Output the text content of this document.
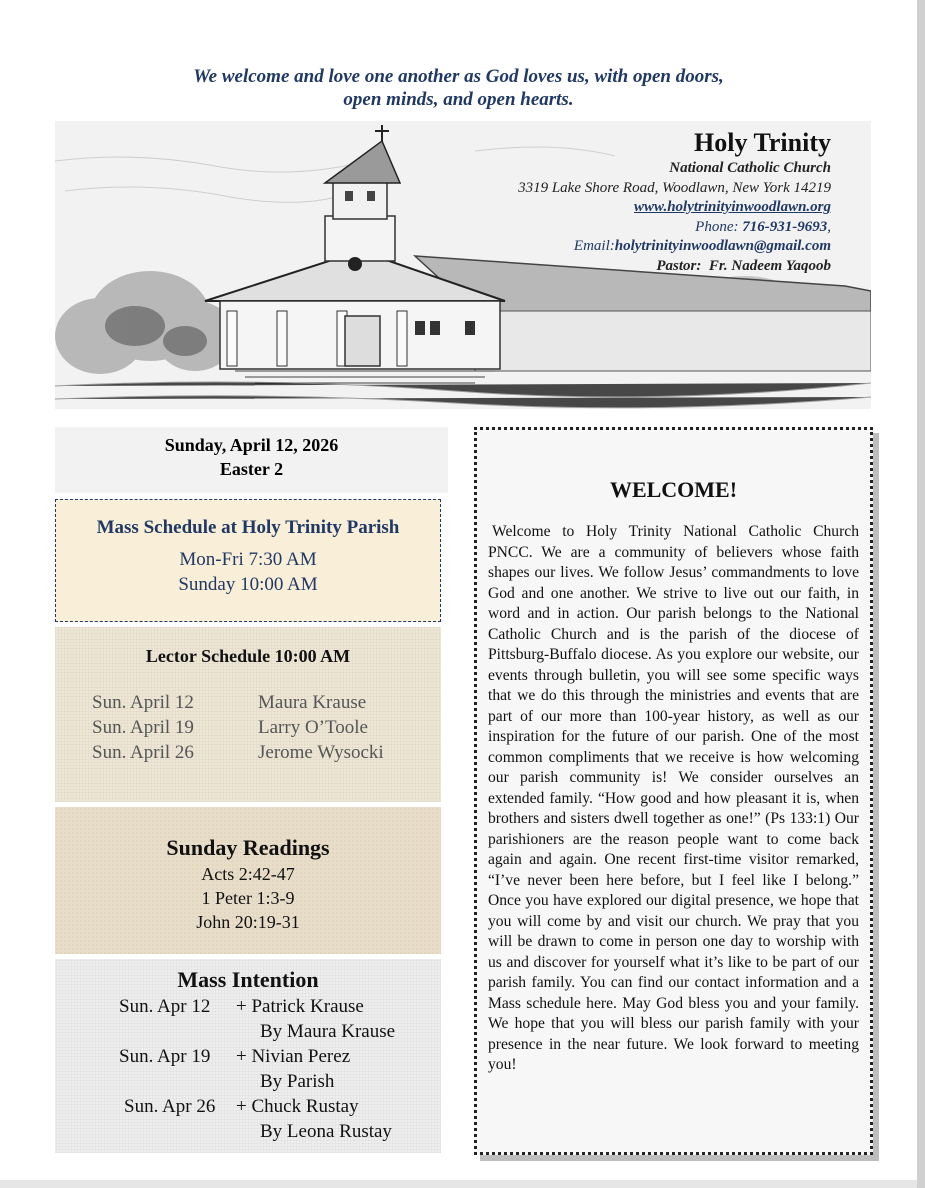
We welcome and love one another as God loves us, with open doors,
open minds, and open hearts.
Holy Trinity
National Catholic Church
3319 Lake Shore Road, Woodlawn, New York 14219
www.holytrinityinwoodlawn.org
Phone: 716-931-9693,
Email:holytrinityinwoodlawn@gmail.com
Pastor:  Fr. Nadeem Yaqoob
Sunday, April 12, 2026
Easter 2
Mass Schedule at Holy Trinity Parish
Mon-Fri 7:30 AM
Sunday 10:00 AM
Lector Schedule 10:00 AM
Sun. April 12	Maura Krause
Sun. April 19	Larry O’Toole
Sun. April 26	Jerome Wysocki
Sunday Readings
Acts 2:42-47
1 Peter 1:3-9
John 20:19-31
Mass Intention
Sun. Apr 12 + Patrick Krause
By Maura Krause
Sun. Apr 19 + Nivian Perez
By Parish
Sun. Apr 26 + Chuck Rustay
By Leona Rustay
WELCOME!
Welcome to Holy Trinity National Catholic Church PNCC. We are a community of believers whose faith shapes our lives. We follow Jesus’ commandments to love God and one another. We strive to live out our faith, in word and in action. Our parish belongs to the National Catholic Church and is the parish of the diocese of Pittsburg-Buffalo diocese. As you explore our website, our events through bulletin, you will see some specific ways that we do this through the ministries and events that are part of our more than 100-year history, as well as our inspiration for the future of our parish. One of the most common compliments that we receive is how welcoming our parish community is! We consider ourselves an extended family. “How good and how pleasant it is, when brothers and sisters dwell together as one!” (Ps 133:1) Our parishioners are the reason people want to come back again and again. One recent first-time visitor remarked, “I’ve never been here before, but I feel like I belong.” Once you have explored our digital presence, we hope that you will come by and visit our church. We pray that you will be drawn to come in person one day to worship with us and discover for yourself what it’s like to be part of our parish family. You can find our contact information and a Mass schedule here. May God bless you and your family. We hope that you will bless our parish family with your presence in the near future. We look forward to meeting you!
